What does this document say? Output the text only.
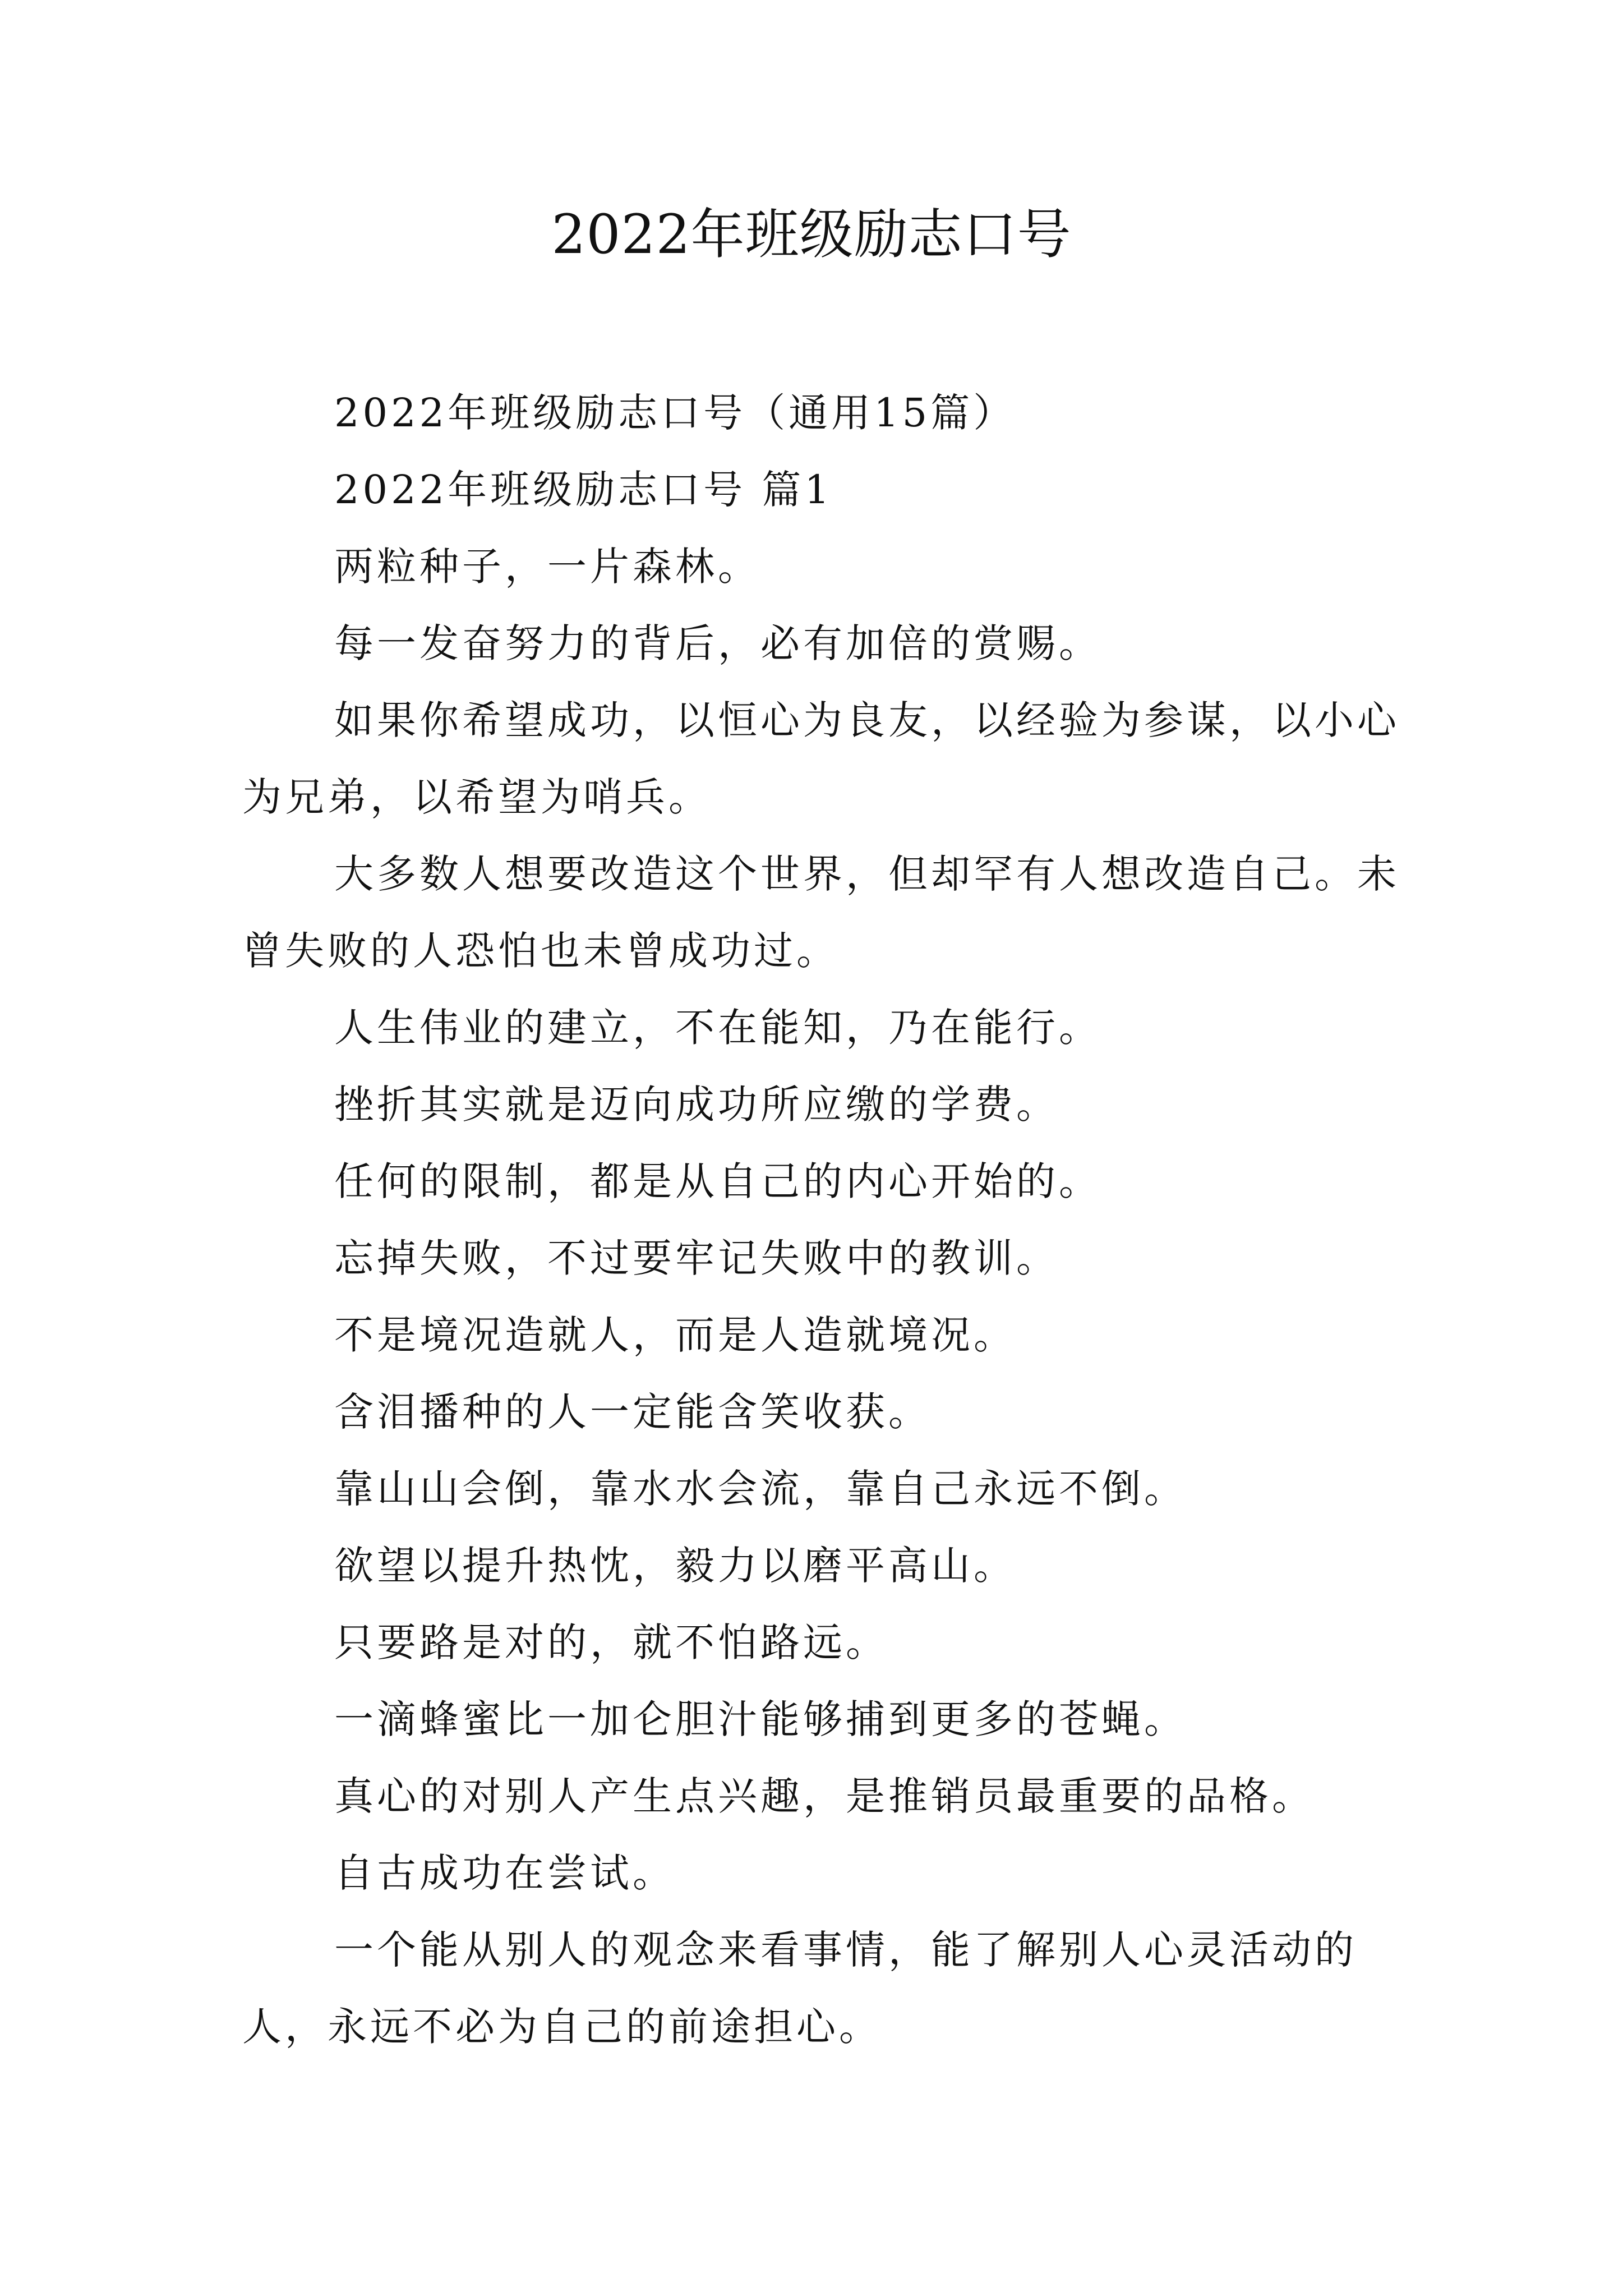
2022年班级励志口号

2022年班级励志口号（通用15篇）

2022年班级励志口号 篇1

两粒种子，一片森林。

每一发奋努力的背后，必有加倍的赏赐。

如果你希望成功，以恒心为良友，以经验为参谋，以小心为兄弟，以希望为哨兵。

大多数人想要改造这个世界，但却罕有人想改造自己。未曾失败的人恐怕也未曾成功过。

人生伟业的建立，不在能知，乃在能行。

挫折其实就是迈向成功所应缴的学费。

任何的限制，都是从自己的内心开始的。

忘掉失败，不过要牢记失败中的教训。

不是境况造就人，而是人造就境况。

含泪播种的人一定能含笑收获。

靠山山会倒，靠水水会流，靠自己永远不倒。

欲望以提升热忱，毅力以磨平高山。

只要路是对的，就不怕路远。

一滴蜂蜜比一加仑胆汁能够捕到更多的苍蝇。

真心的对别人产生点兴趣，是推销员最重要的品格。

自古成功在尝试。

一个能从别人的观念来看事情，能了解别人心灵活动的人，永远不必为自己的前途担心。
